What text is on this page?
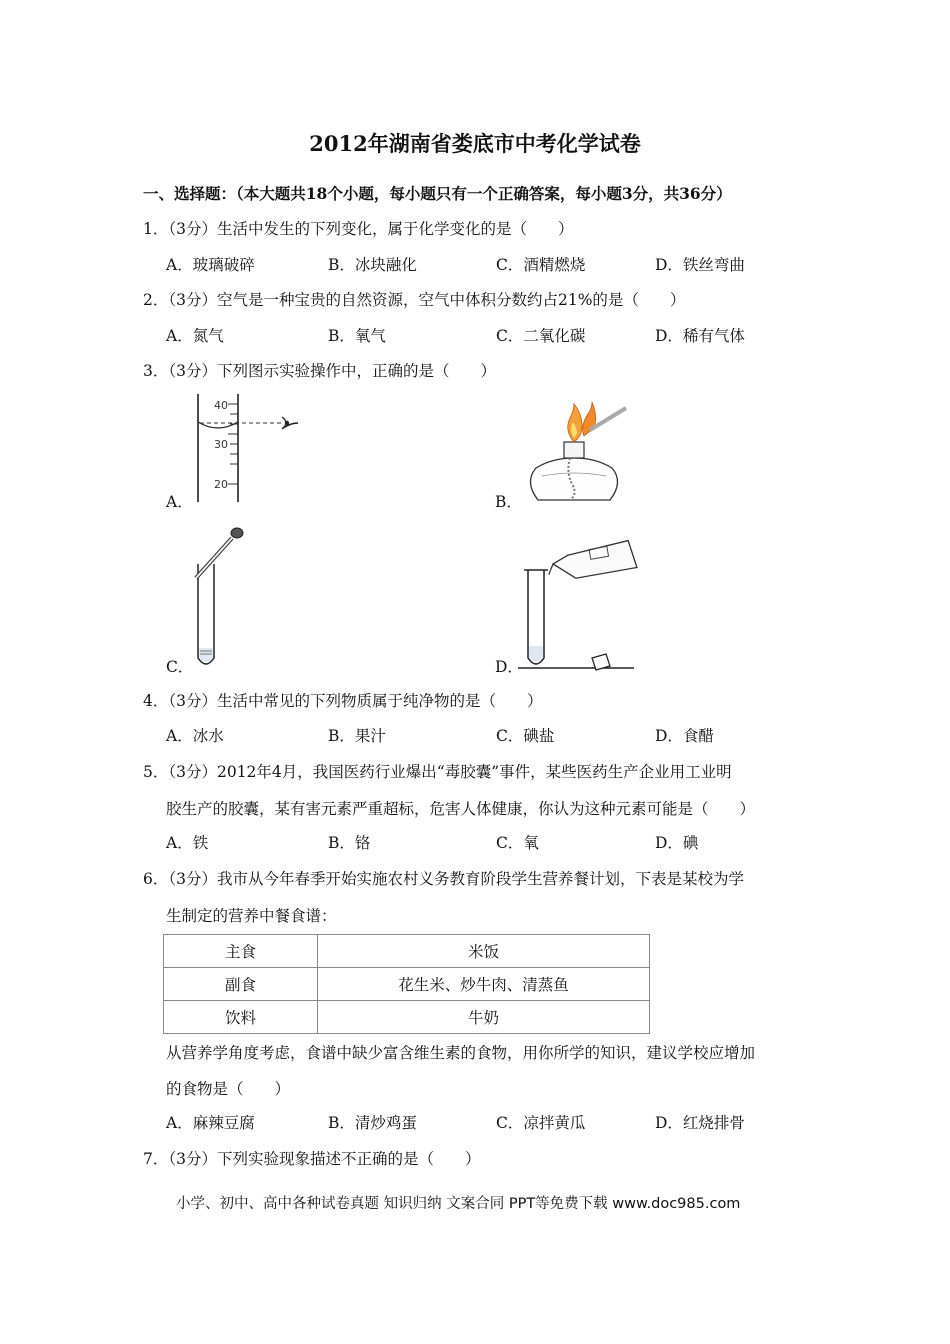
2012年湖南省娄底市中考化学试卷
一、选择题：（本大题共18个小题，每小题只有一个正确答案，每小题3分，共36分）
1．（3分）生活中发生的下列变化，属于化学变化的是（　　）
A．玻璃破碎	B．冰块融化	C．酒精燃烧	D．铁丝弯曲
2．（3分）空气是一种宝贵的自然资源，空气中体积分数约占21%的是（　　）
A．氮气	B．氧气	C．二氧化碳	D．稀有气体
3．（3分）下列图示实验操作中，正确的是（　　）
40
30
20
A．	B．
C．	D．
4．（3分）生活中常见的下列物质属于纯净物的是（　　）
A．冰水	B．果汁	C．碘盐	D．食醋
5．（3分）2012年4月，我国医药行业爆出“毒胶囊”事件，某些医药生产企业用工业明
胶生产的胶囊，某有害元素严重超标，危害人体健康，你认为这种元素可能是（　　）
A．铁	B．铬	C．氧	D．碘
6．（3分）我市从今年春季开始实施农村义务教育阶段学生营养餐计划，下表是某校为学
生制定的营养中餐食谱：
主食	米饭
副食	花生米、炒牛肉、清蒸鱼
饮料	牛奶
从营养学角度考虑，食谱中缺少富含维生素的食物，用你所学的知识，建议学校应增加
的食物是（　　）
A．麻辣豆腐	B．清炒鸡蛋	C．凉拌黄瓜	D．红烧排骨
7．（3分）下列实验现象描述不正确的是（　　）
小学、初中、高中各种试卷真题 知识归纳 文案合同 PPT等免费下载 www.doc985.com
